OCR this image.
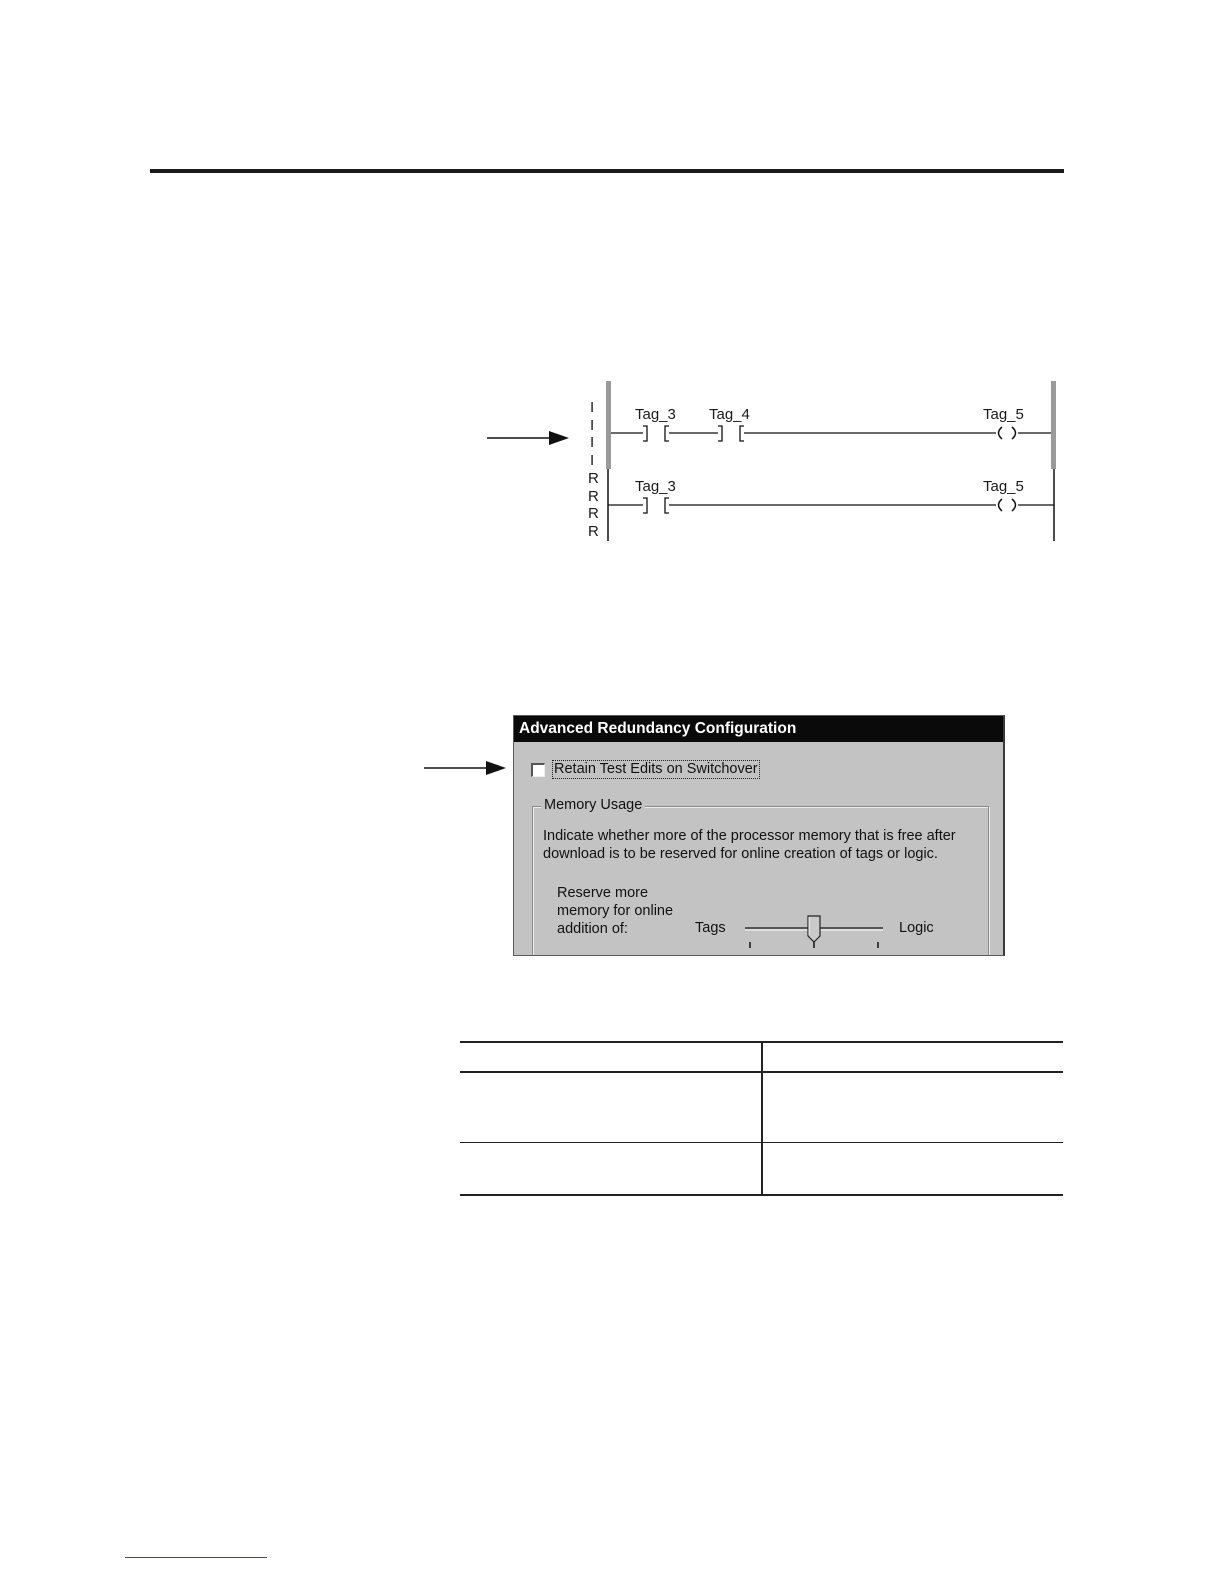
I
I
I
I
R
R
R
R
Tag_3 Tag_4	Tag_5
Tag_3	Tag_5
Advanced Redundancy Configuration
Retain Test Edits on Switchover
Memory Usage
Indicate whether more of the processor memory that is free after download is to be reserved for online creation of tags or logic.
Reserve more memory for online addition of:	Tags	Logic
